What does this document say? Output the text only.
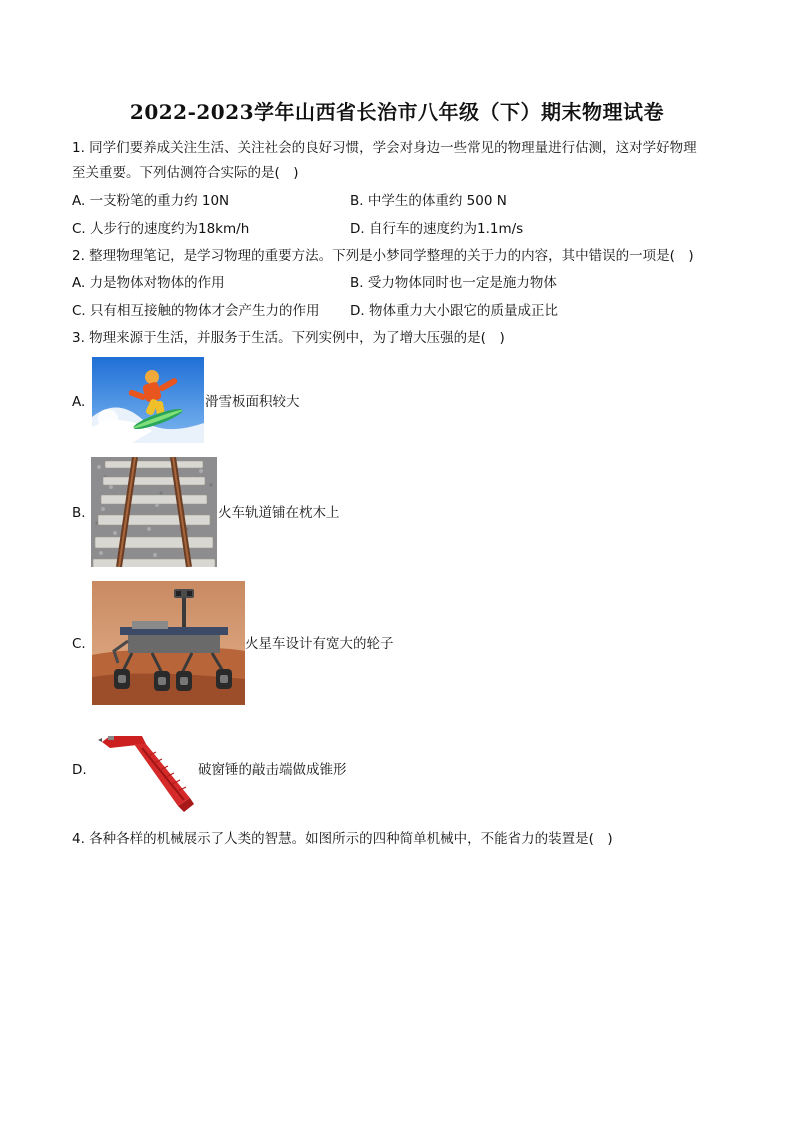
2022-2023学年山西省长治市八年级（下）期末物理试卷
1. 同学们要养成关注生活、关注社会的良好习惯，学会对身边一些常见的物理量进行估测，这对学好物理
至关重要。下列估测符合实际的是(　)
A. 一支粉笔的重力约 10N	B. 中学生的体重约 500 N
C. 人步行的速度约为18km/h	D. 自行车的速度约为1.1m/s
2. 整理物理笔记，是学习物理的重要方法。下列是小梦同学整理的关于力的内容，其中错误的一项是(　)
A. 力是物体对物体的作用	B. 受力物体同时也一定是施力物体
C. 只有相互接触的物体才会产生力的作用 D. 物体重力大小跟它的质量成正比
3. 物理来源于生活，并服务于生活。下列实例中，为了增大压强的是(　)
A.	滑雪板面积较大
B.	火车轨道铺在枕木上
C.	火星车设计有宽大的轮子
D.	破窗锤的敲击端做成锥形
4. 各种各样的机械展示了人类的智慧。如图所示的四种简单机械中，不能省力的装置是(　)
